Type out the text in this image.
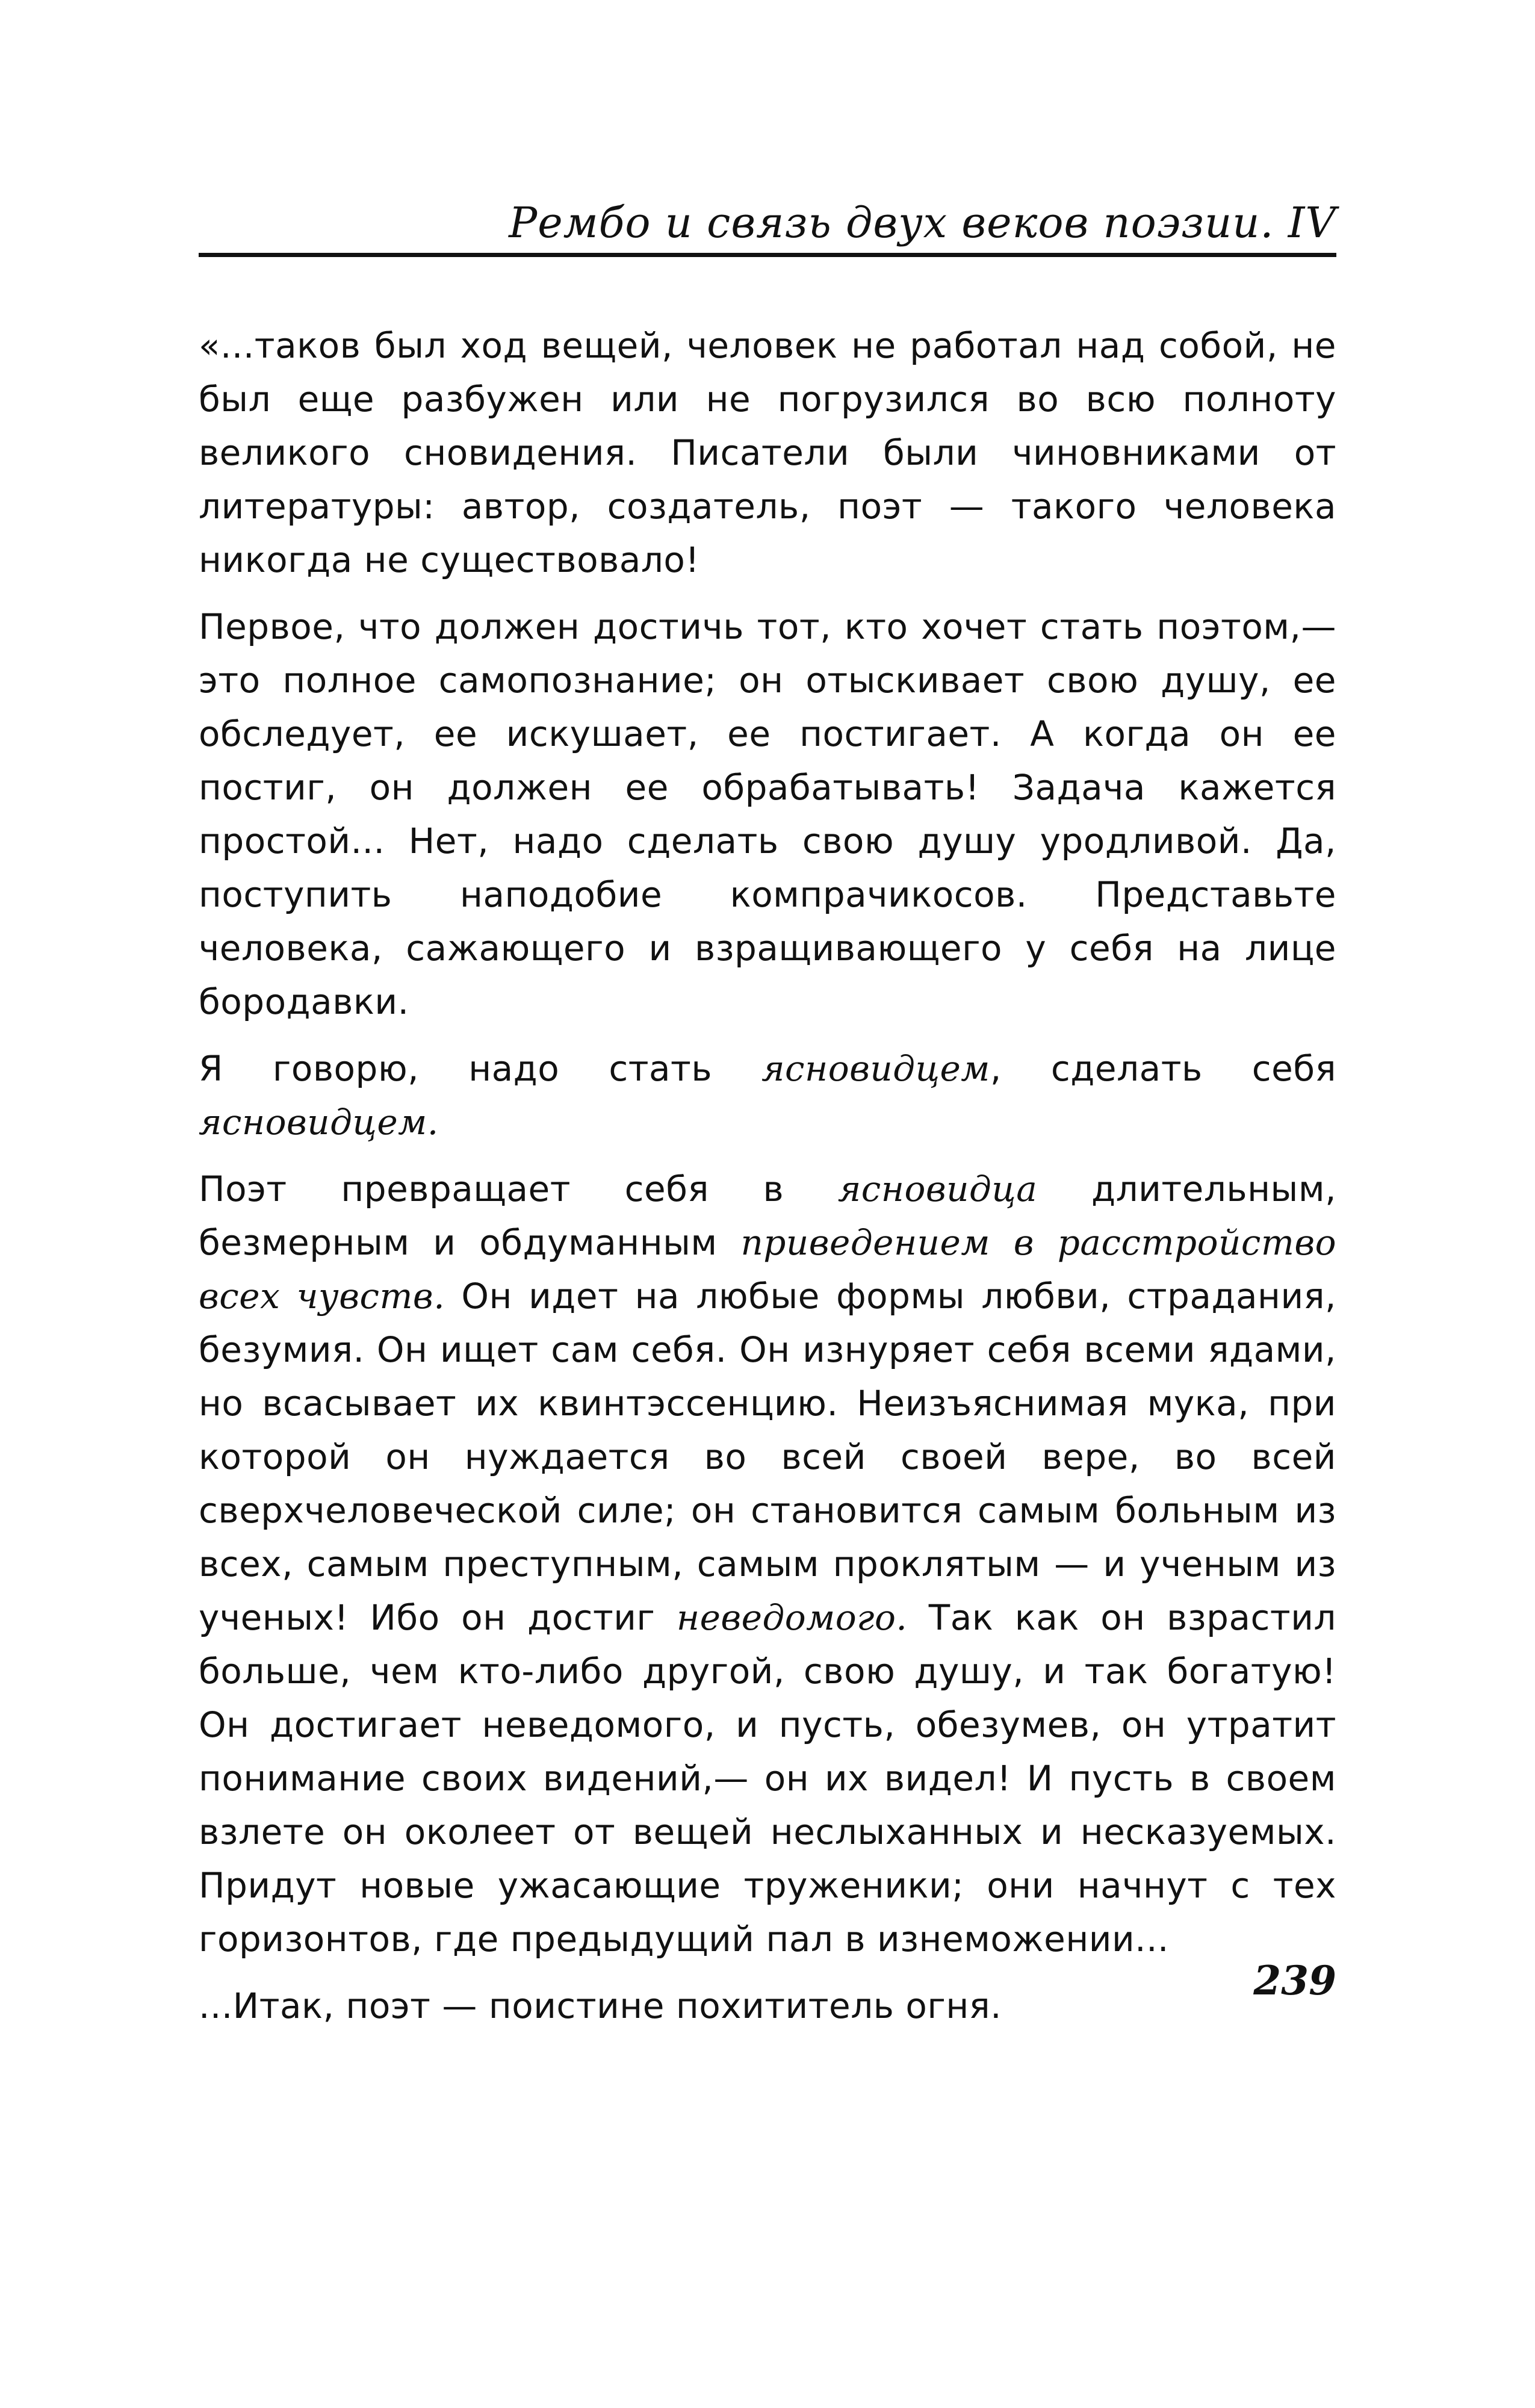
Рембо и связь двух веков поэзии. IV

«...таков был ход вещей, человек не работал над собой, не был еще разбужен или не погрузился во всю полноту великого сновидения. Писатели были чиновниками от литературы: автор, создатель, поэт — такого человека никогда не существовало!

Первое, что должен достичь тот, кто хочет стать поэтом,— это полное самопознание; он отыскивает свою душу, ее обследует, ее искушает, ее постигает. А когда он ее постиг, он должен ее обрабатывать! Задача кажется простой... Нет, надо сделать свою душу уродливой. Да, поступить наподобие компрачикосов. Представьте человека, сажающего и взращивающего у себя на лице бородавки.

Я говорю, надо стать ясновидцем, сделать себя ясновидцем.

Поэт превращает себя в ясновидца длительным, безмерным и обдуманным приведением в расстройство всех чувств. Он идет на любые формы любви, страдания, безумия. Он ищет сам себя. Он изнуряет себя всеми ядами, но всасывает их квинтэссенцию. Неизъяснимая мука, при которой он нуждается во всей своей вере, во всей сверхчеловеческой силе; он становится самым больным из всех, самым преступным, самым проклятым — и ученым из ученых! Ибо он достиг неведомого. Так как он взрастил больше, чем кто-либо другой, свою душу, и так богатую! Он достигает неведомого, и пусть, обезумев, он утратит понимание своих видений,— он их видел! И пусть в своем взлете он околеет от вещей неслыханных и несказуемых. Придут новые ужасающие труженики; они начнут с тех горизонтов, где предыдущий пал в изнеможении...

...Итак, поэт — поистине похититель огня.

239
